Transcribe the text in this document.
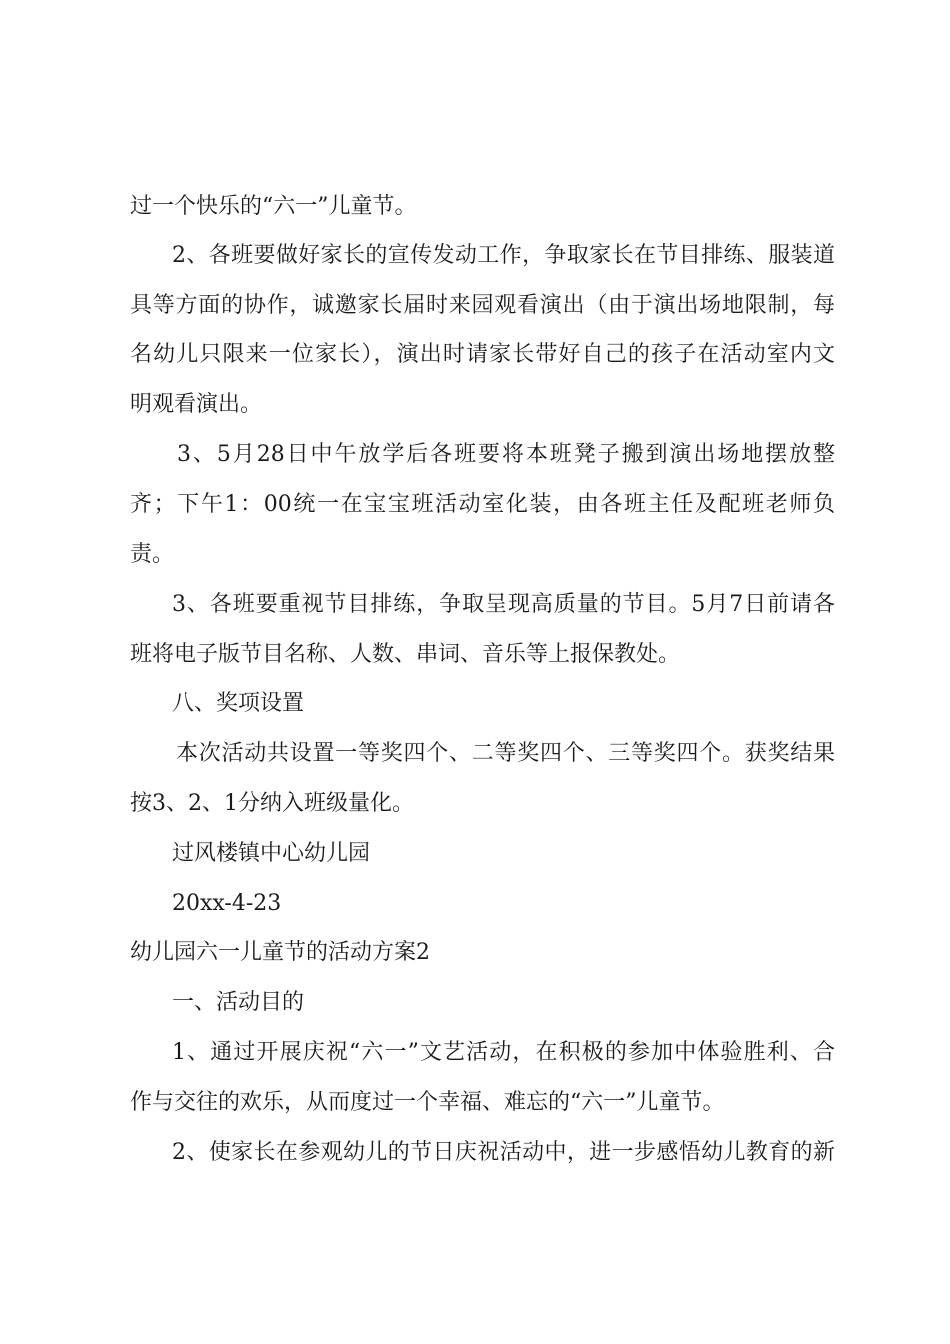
过一个快乐的“六一”儿童节。
2、各班要做好家长的宣传发动工作，争取家长在节目排练、服装道
具等方面的协作，诚邀家长届时来园观看演出（由于演出场地限制，每
名幼儿只限来一位家长），演出时请家长带好自己的孩子在活动室内文
明观看演出。
3、5月28日中午放学后各班要将本班凳子搬到演出场地摆放整
齐；下午1：00统一在宝宝班活动室化装，由各班主任及配班老师负
责。
3、各班要重视节目排练，争取呈现高质量的节目。5月7日前请各
班将电子版节目名称、人数、串词、音乐等上报保教处。
八、奖项设置
本次活动共设置一等奖四个、二等奖四个、三等奖四个。获奖结果
按3、2、1分纳入班级量化。
过风楼镇中心幼儿园
20xx-4-23
幼儿园六一儿童节的活动方案2
一、活动目的
1、通过开展庆祝“六一”文艺活动，在积极的参加中体验胜利、合
作与交往的欢乐，从而度过一个幸福、难忘的“六一”儿童节。
2、使家长在参观幼儿的节日庆祝活动中，进一步感悟幼儿教育的新
